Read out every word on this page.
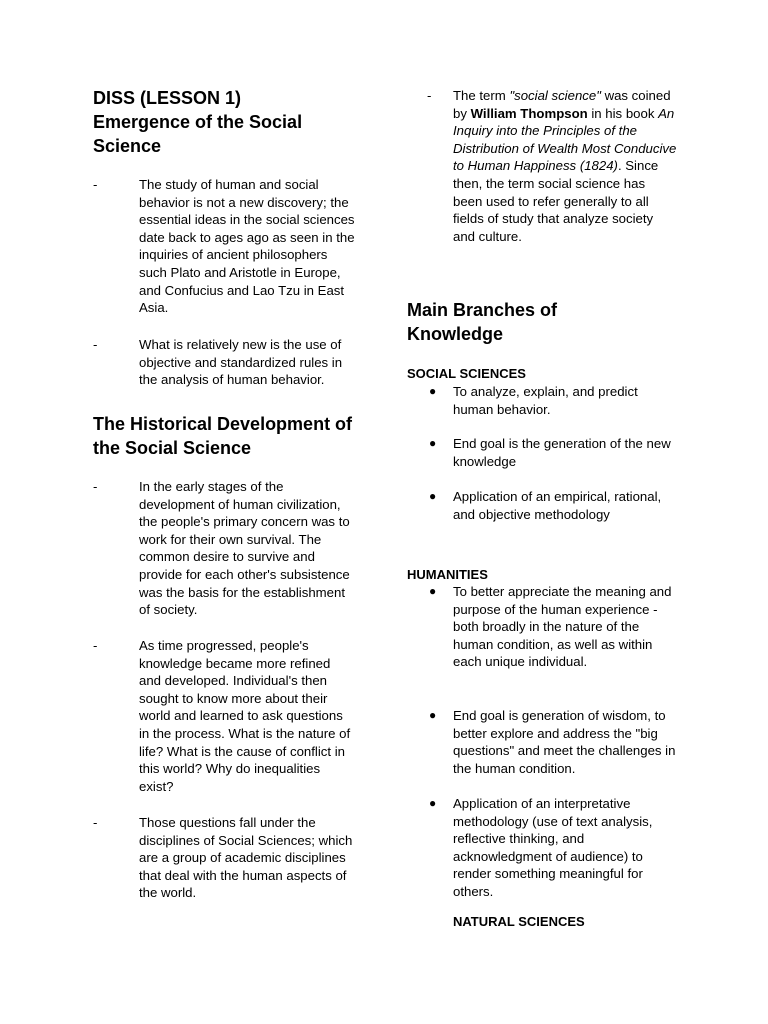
DISS (LESSON 1)

Emergence of the Social Science

-	The study of human and social behavior is not a new discovery; the essential ideas in the social sciences date back to ages ago as seen in the inquiries of ancient philosophers such Plato and Aristotle in Europe, and Confucius and Lao Tzu in East Asia.
-	What is relatively new is the use of objective and standardized rules in the analysis of human behavior.

The Historical Development of the Social Science

-	In the early stages of the development of human civilization, the people's primary concern was to work for their own survival. The common desire to survive and provide for each other's subsistence was the basis for the establishment of society.
-	As time progressed, people's knowledge became more refined and developed. Individual's then sought to know more about their world and learned to ask questions in the process. What is the nature of life? What is the cause of conflict in this world? Why do inequalities exist?
-	Those questions fall under the disciplines of Social Sciences; which are a group of academic disciplines that deal with the human aspects of the world.
-	The term "social science" was coined by William Thompson in his book An Inquiry into the Principles of the Distribution of Wealth Most Conducive to Human Happiness (1824). Since then, the term social science has been used to refer generally to all fields of study that analyze society and culture.

Main Branches of Knowledge

SOCIAL SCIENCES

●	To analyze, explain, and predict human behavior.
●	End goal is the generation of the new knowledge
●	Application of an empirical, rational, and objective methodology

HUMANITIES

●	To better appreciate the meaning and purpose of the human experience - both broadly in the nature of the human condition, as well as within each unique individual.
●	End goal is generation of wisdom, to better explore and address the "big questions" and meet the challenges in the human condition.
●	Application of an interpretative methodology (use of text analysis, reflective thinking, and acknowledgment of audience) to render something meaningful for others.

NATURAL SCIENCES
